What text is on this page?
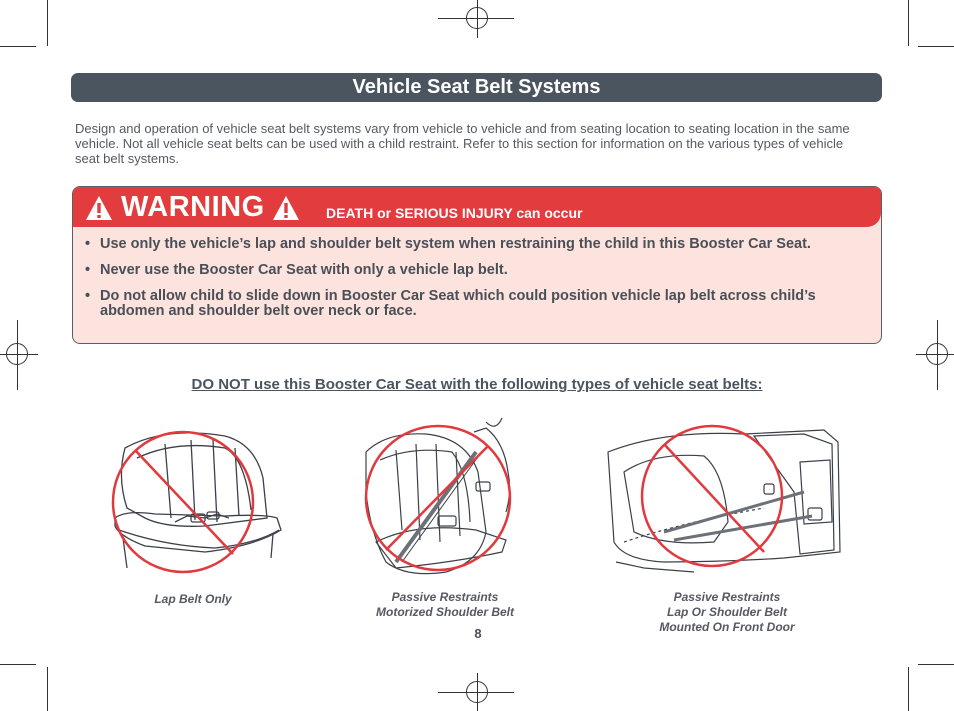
Vehicle Seat Belt Systems

Design and operation of vehicle seat belt systems vary from vehicle to vehicle and from seating location to seating location in the same vehicle. Not all vehicle seat belts can be used with a child restraint. Refer to this section for information on the various types of vehicle seat belt systems.

WARNING	DEATH or SERIOUS INJURY can occur
• Use only the vehicle’s lap and shoulder belt system when restraining the child in this Booster Car Seat.
• Never use the Booster Car Seat with only a vehicle lap belt.
• Do not allow child to slide down in Booster Car Seat which could position vehicle lap belt across child’s abdomen and shoulder belt over neck or face.
DO NOT use this Booster Car Seat with the following types of vehicle seat belts:
Lap Belt Only	Passive Restraints
Motorized Shoulder Belt
Passive Restraints
Lap Or Shoulder Belt
Mounted On Front Door
8
